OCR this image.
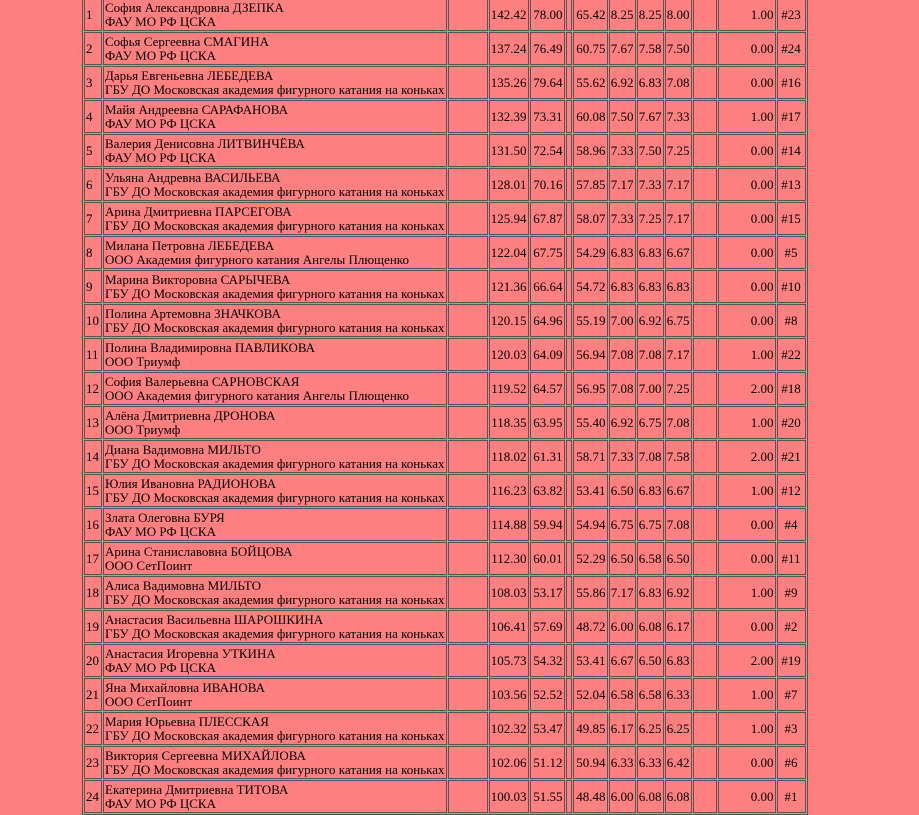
1	София Александровна ДЗЕПКА
ФАУ МО РФ ЦСКА		142.42	78.00		65.42	8.25	8.25	8.00		1.00	#23
2	Софья Сергеевна СМАГИНА
ФАУ МО РФ ЦСКА		137.24	76.49		60.75	7.67	7.58	7.50		0.00	#24
3	Дарья Евгеньевна ЛЕБЕДЕВА
ГБУ ДО Московская академия фигурного катания на коньках		135.26	79.64		55.62	6.92	6.83	7.08		0.00	#16
4	Майя Андреевна САРАФАНОВА
ФАУ МО РФ ЦСКА		132.39	73.31		60.08	7.50	7.67	7.33		1.00	#17
5	Валерия Денисовна ЛИТВИНЧЁВА
ФАУ МО РФ ЦСКА		131.50	72.54		58.96	7.33	7.50	7.25		0.00	#14
6	Ульяна Андревна ВАСИЛЬЕВА
ГБУ ДО Московская академия фигурного катания на коньках		128.01	70.16		57.85	7.17	7.33	7.17		0.00	#13
7	Арина Дмитриевна ПАРСЕГОВА
ГБУ ДО Московская академия фигурного катания на коньках		125.94	67.87		58.07	7.33	7.25	7.17		0.00	#15
8	Милана Петровна ЛЕБЕДЕВА
ООО Академия фигурного катания Ангелы Плющенко		122.04	67.75		54.29	6.83	6.83	6.67		0.00	#5
9	Марина Викторовна САРЫЧЕВА
ГБУ ДО Московская академия фигурного катания на коньках		121.36	66.64		54.72	6.83	6.83	6.83		0.00	#10
10	Полина Артемовна ЗНАЧКОВА
ГБУ ДО Московская академия фигурного катания на коньках		120.15	64.96		55.19	7.00	6.92	6.75		0.00	#8
11	Полина Владимировна ПАВЛИКОВА
ООО Триумф		120.03	64.09		56.94	7.08	7.08	7.17		1.00	#22
12	София Валерьевна САРНОВСКАЯ
ООО Академия фигурного катания Ангелы Плющенко		119.52	64.57		56.95	7.08	7.00	7.25		2.00	#18
13	Алёна Дмитриевна ДРОНОВА
ООО Триумф		118.35	63.95		55.40	6.92	6.75	7.08		1.00	#20
14	Диана Вадимовна МИЛЬТО
ГБУ ДО Московская академия фигурного катания на коньках		118.02	61.31		58.71	7.33	7.08	7.58		2.00	#21
15	Юлия Ивановна РАДИОНОВА
ГБУ ДО Московская академия фигурного катания на коньках		116.23	63.82		53.41	6.50	6.83	6.67		1.00	#12
16	Злата Олеговна БУРЯ
ФАУ МО РФ ЦСКА		114.88	59.94		54.94	6.75	6.75	7.08		0.00	#4
17	Арина Станиславовна БОЙЦОВА
ООО СетПоинт		112.30	60.01		52.29	6.50	6.58	6.50		0.00	#11
18	Алиса Вадимовна МИЛЬТО
ГБУ ДО Московская академия фигурного катания на коньках		108.03	53.17		55.86	7.17	6.83	6.92		1.00	#9
19	Анастасия Васильевна ШАРОШКИНА
ГБУ ДО Московская академия фигурного катания на коньках		106.41	57.69		48.72	6.00	6.08	6.17		0.00	#2
20	Анастасия Игоревна УТКИНА
ФАУ МО РФ ЦСКА		105.73	54.32		53.41	6.67	6.50	6.83		2.00	#19
21	Яна Михайловна ИВАНОВА
ООО СетПоинт		103.56	52.52		52.04	6.58	6.58	6.33		1.00	#7
22	Мария Юрьевна ПЛЕССКАЯ
ГБУ ДО Московская академия фигурного катания на коньках		102.32	53.47		49.85	6.17	6.25	6.25		1.00	#3
23	Виктория Сергеевна МИХАЙЛОВА
ГБУ ДО Московская академия фигурного катания на коньках		102.06	51.12		50.94	6.33	6.33	6.42		0.00	#6
24	Екатерина Дмитриевна ТИТОВА
ФАУ МО РФ ЦСКА		100.03	51.55		48.48	6.00	6.08	6.08		0.00	#1
